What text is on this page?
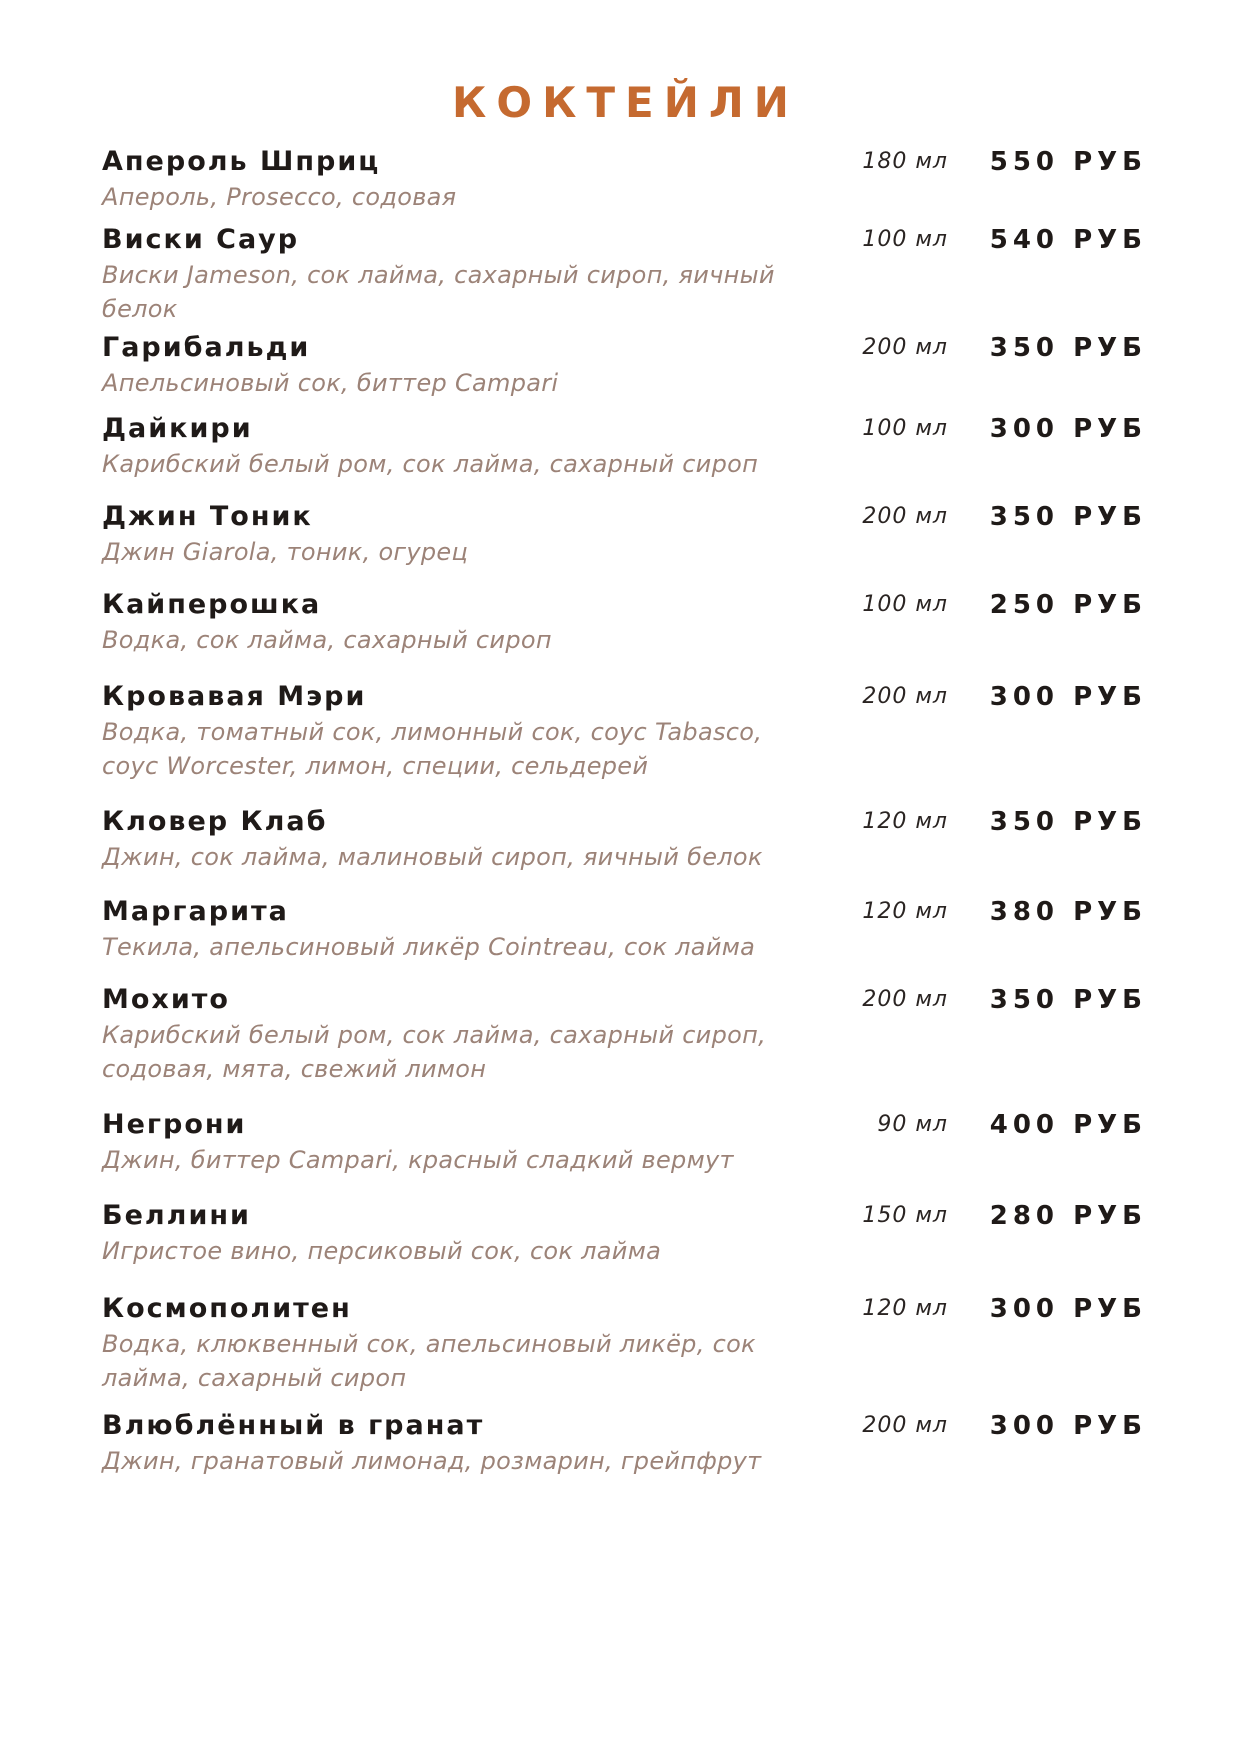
КОКТЕЙЛИ
Апероль Шприц
Апероль, Prosecco, содовая
180 мл 550 РУБ
Виски Саур
Виски Jameson, сок лайма, сахарный сироп, яичный белок
100 мл 540 РУБ
Гарибальди
Апельсиновый сок, биттер Campari
200 мл 350 РУБ
Дайкири
Карибский белый ром, сок лайма, сахарный сироп
100 мл 300 РУБ
Джин Тоник
Джин Giarola, тоник, огурец
200 мл 350 РУБ
Кайперошка
Водка, сок лайма, сахарный сироп
100 мл 250 РУБ
Кровавая Мэри
Водка, томатный сок, лимонный сок, соус Tabasco, соус Worcester, лимон, специи, сельдерей
200 мл 300 РУБ
Кловер Клаб
Джин, сок лайма, малиновый сироп, яичный белок
120 мл 350 РУБ
Маргарита
Текила, апельсиновый ликёр Cointreau, сок лайма
120 мл 380 РУБ
Мохито
Карибский белый ром, сок лайма, сахарный сироп, содовая, мята, свежий лимон
200 мл 350 РУБ
Негрони
Джин, биттер Campari, красный сладкий вермут
90 мл 400 РУБ
Беллини
Игристое вино, персиковый сок, сок лайма
150 мл 280 РУБ
Космополитен
Водка, клюквенный сок, апельсиновый ликёр, сок лайма, сахарный сироп
120 мл 300 РУБ
Влюблённый в гранат
Джин, гранатовый лимонад, розмарин, грейпфрут
200 мл 300 РУБ
